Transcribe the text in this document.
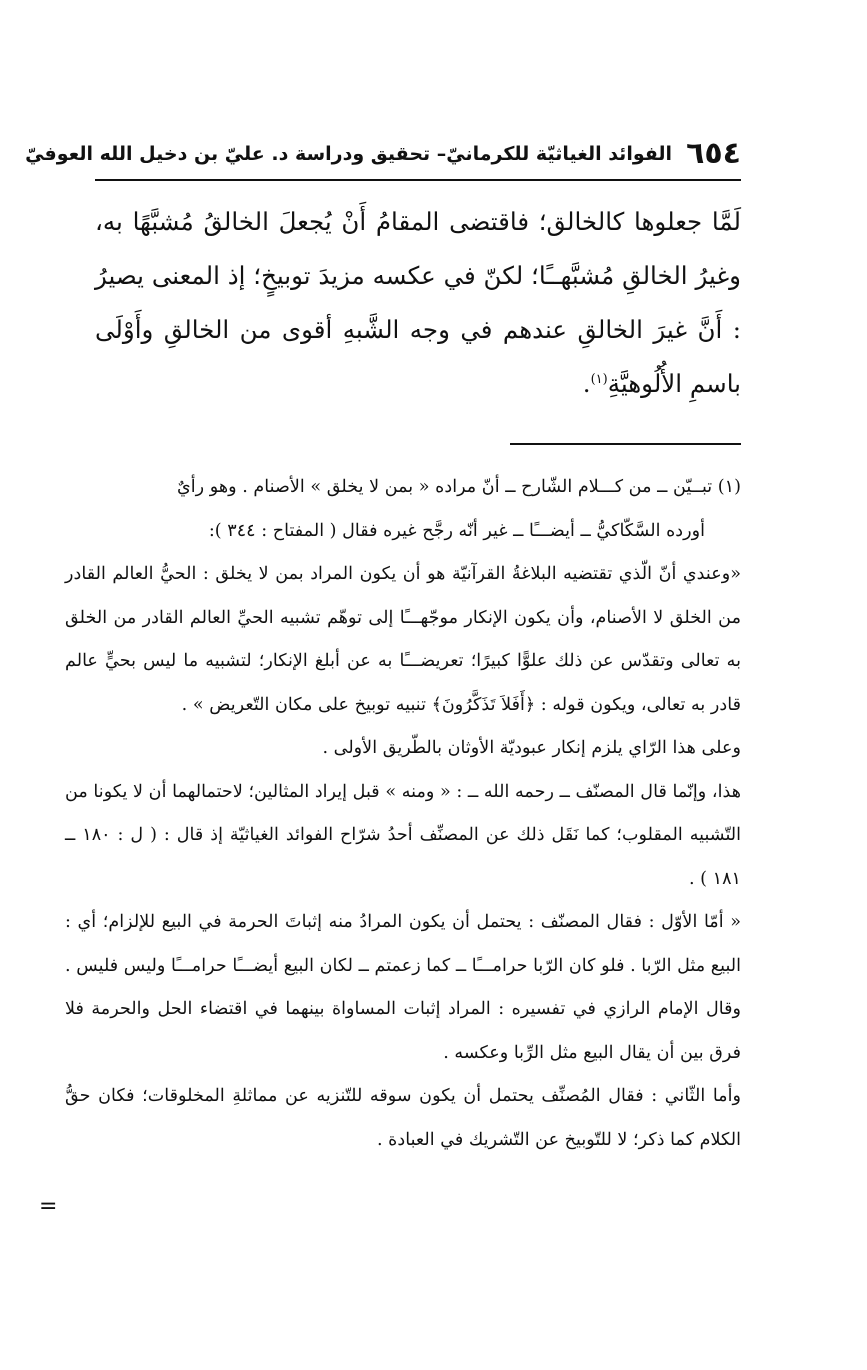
٦٥٤
الفوائد الغياثيّة للكرمانيّ– تحقيق ودراسة د. عليّ بن دخيل الله العوفيّ

لَمَّا جعلوها كالخالق؛ فاقتضى المقامُ أَنْ يُجعلَ الخالقُ مُشبَّهًا به، وغيرُ الخالقِ مُشبَّهــًا؛ لكنّ في عكسه مزيدَ توبيخٍ؛ إذ المعنى يصيرُ : أَنَّ غيرَ الخالقِ عندهم في وجه الشَّبهِ أقوى من الخالقِ وأَوْلَى باسمِ الأُلُوهيَّةِ$^{(١)}$.

(١) تبــيّن ــ من كـــلام الشّارح ــ أنّ مراده « بمن لا يخلق » الأصنام . وهو رأيٌ

أورده السَّكّاكيُّ ــ أيضـــًا ــ غير أنّه رجَّح غيره فقال ( المفتاح : ٣٤٤ ):

«وعندي أنّ الّذي تقتضيه البلاغةُ القرآنيّة هو أن يكون المراد بمن لا يخلق : الحيُّ العالم القادر من الخلق لا الأصنام، وأن يكون الإنكار موجّهـــًا إلى توهّم تشبيه الحيِّ العالم القادر من الخلق به تعالى وتقدّس عن ذلك علوًّا كبيرًا؛ تعريضـــًا به عن أبلغ الإنكار؛ لتشبيه ما ليس بحيٍّ عالم قادر به تعالى، ويكون قوله : ﴿أَفَلاَ تَذَكَّرُونَ﴾ تنبيه توبيخ على مكان التّعريض » .

وعلى هذا الرّاي يلزم إنكار عبوديّة الأوثان بالطّريق الأولى .

هذا، وإنّما قال المصنّف ــ رحمه الله ــ : « ومنه » قبل إيراد المثالين؛ لاحتمالهما أن لا يكونا من التّشبيه المقلوب؛ كما نَقَل ذلك عن المصنِّف أحدُ شرّاح الفوائد الغياثيّة إذ قال : ( ل : ١٨٠ ــ ١٨١ ) .

« أمّا الأوّل : فقال المصنّف : يحتمل أن يكون المرادُ منه إثباتَ الحرمة في البيع للإلزام؛ أي : البيع مثل الرّبا . فلو كان الرّبا حرامـــًا ــ كما زعمتم ــ لكان البيع أيضـــًا حرامـــًا وليس فليس . وقال الإمام الرازي في تفسيره : المراد إثبات المساواة بينهما في اقتضاء الحل والحرمة فلا فرق بين أن يقال البيع مثل الرِّبا وعكسه .

وأما الثّاني : فقال المُصنِّف يحتمل أن يكون سوقه للتّنزيه عن مماثلةِ المخلوقات؛ فكان حقُّ الكلام كما ذكر؛ لا للتّوبيخ عن التّشريك في العبادة .

=
